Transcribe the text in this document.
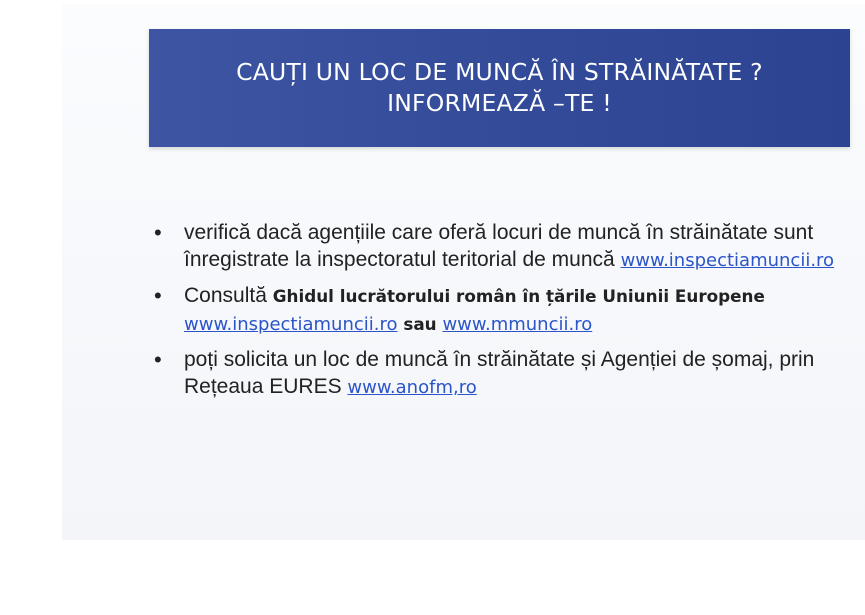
CAUȚI UN LOC DE MUNCĂ ÎN STRĂINĂTATE ?
INFORMEAZĂ –TE !
• verifică dacă agențiile care oferă locuri de muncă în străinătate sunt înregistrate la inspectoratul teritorial de muncă www.inspectiamuncii.ro
• Consultă Ghidul lucrătorului român în țările Uniunii Europene
www.inspectiamuncii.ro sau www.mmuncii.ro
• poți solicita un loc de muncă în străinătate și Agenției de șomaj, prin Rețeaua EURES www.anofm,ro
